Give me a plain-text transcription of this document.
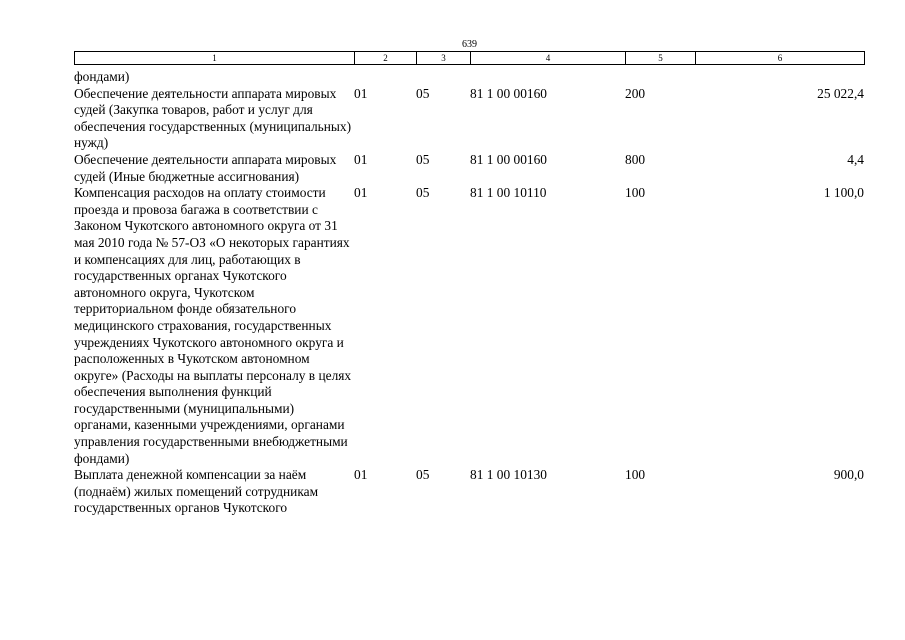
639
1	2	3	4	5	6
фондами)					
Обеспечение деятельности аппарата мировых судей (Закупка товаров, работ и услуг для обеспечения государственных (муниципальных) нужд)	01	05	81 1 00 00160	200	25 022,4
Обеспечение деятельности аппарата мировых судей (Иные бюджетные ассигнования)	01	05	81 1 00 00160	800	4,4
Компенсация расходов на оплату стоимости проезда и провоза багажа в соответствии с Законом Чукотского автономного округа от 31 мая 2010 года № 57-ОЗ «О некоторых гарантиях и компенсациях для лиц, работающих в государственных органах Чукотского автономного округа, Чукотском территориальном фонде обязательного медицинского страхования, государственных учреждениях Чукотского автономного округа и расположенных в Чукотском автономном округе» (Расходы на выплаты персоналу в целях обеспечения выполнения функций государственными (муниципальными) органами, казенными учреждениями, органами управления государственными внебюджетными фондами)	01	05	81 1 00 10110	100	1 100,0
Выплата денежной компенсации за наём (поднаём) жилых помещений сотрудникам государственных органов Чукотского	01	05	81 1 00 10130	100	900,0
